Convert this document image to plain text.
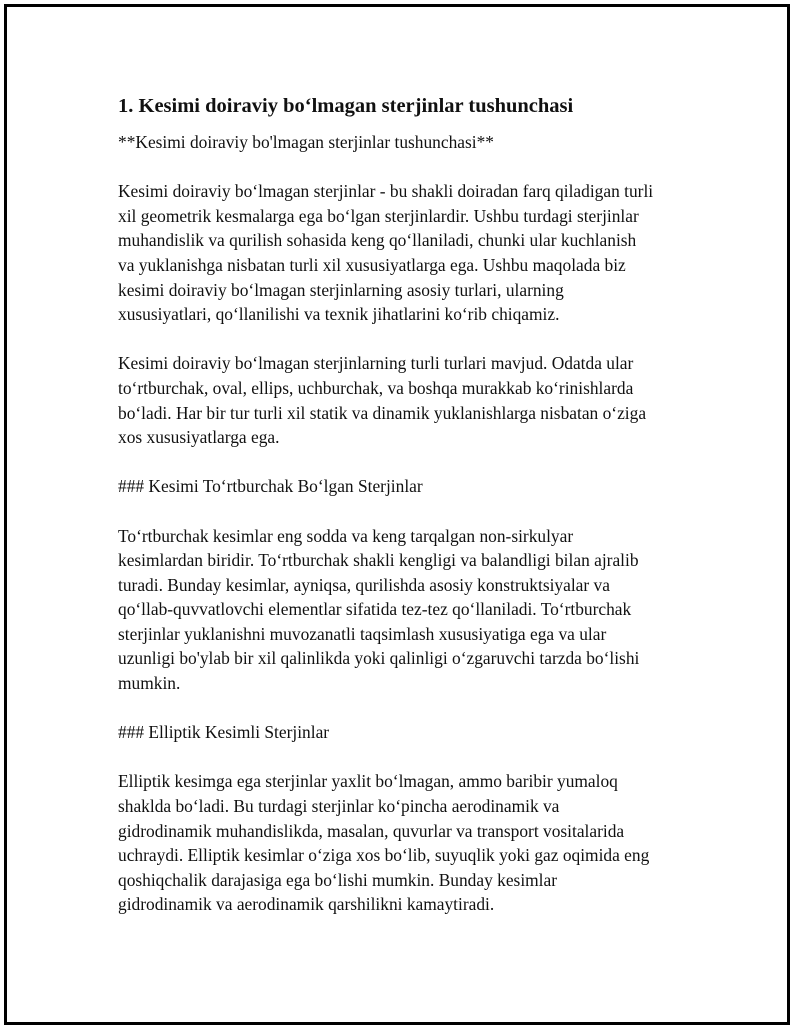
1. Kesimi doiraviy bo‘lmagan sterjinlar tushunchasi

**Kesimi doiraviy bo'lmagan sterjinlar tushunchasi**

Kesimi doiraviy bo‘lmagan sterjinlar - bu shakli doiradan farq qiladigan turli

xil geometrik kesmalarga ega bo‘lgan sterjinlardir. Ushbu turdagi sterjinlar

muhandislik va qurilish sohasida keng qo‘llaniladi, chunki ular kuchlanish

va yuklanishga nisbatan turli xil xususiyatlarga ega. Ushbu maqolada biz

kesimi doiraviy bo‘lmagan sterjinlarning asosiy turlari, ularning

xususiyatlari, qo‘llanilishi va texnik jihatlarini ko‘rib chiqamiz.

Kesimi doiraviy bo‘lmagan sterjinlarning turli turlari mavjud. Odatda ular

to‘rtburchak, oval, ellips, uchburchak, va boshqa murakkab ko‘rinishlarda

bo‘ladi. Har bir tur turli xil statik va dinamik yuklanishlarga nisbatan o‘ziga

xos xususiyatlarga ega.

### Kesimi To‘rtburchak Bo‘lgan Sterjinlar

To‘rtburchak kesimlar eng sodda va keng tarqalgan non-sirkulyar

kesimlardan biridir. To‘rtburchak shakli kengligi va balandligi bilan ajralib

turadi. Bunday kesimlar, ayniqsa, qurilishda asosiy konstruktsiyalar va

qo‘llab-quvvatlovchi elementlar sifatida tez-tez qo‘llaniladi. To‘rtburchak

sterjinlar yuklanishni muvozanatli taqsimlash xususiyatiga ega va ular

uzunligi bo'ylab bir xil qalinlikda yoki qalinligi o‘zgaruvchi tarzda bo‘lishi

mumkin.

### Elliptik Kesimli Sterjinlar

Elliptik kesimga ega sterjinlar yaxlit bo‘lmagan, ammo baribir yumaloq

shaklda bo‘ladi. Bu turdagi sterjinlar ko‘pincha aerodinamik va

gidrodinamik muhandislikda, masalan, quvurlar va transport vositalarida

uchraydi. Elliptik kesimlar o‘ziga xos bo‘lib, suyuqlik yoki gaz oqimida eng

qoshiqchalik darajasiga ega bo‘lishi mumkin. Bunday kesimlar

gidrodinamik va aerodinamik qarshilikni kamaytiradi.
